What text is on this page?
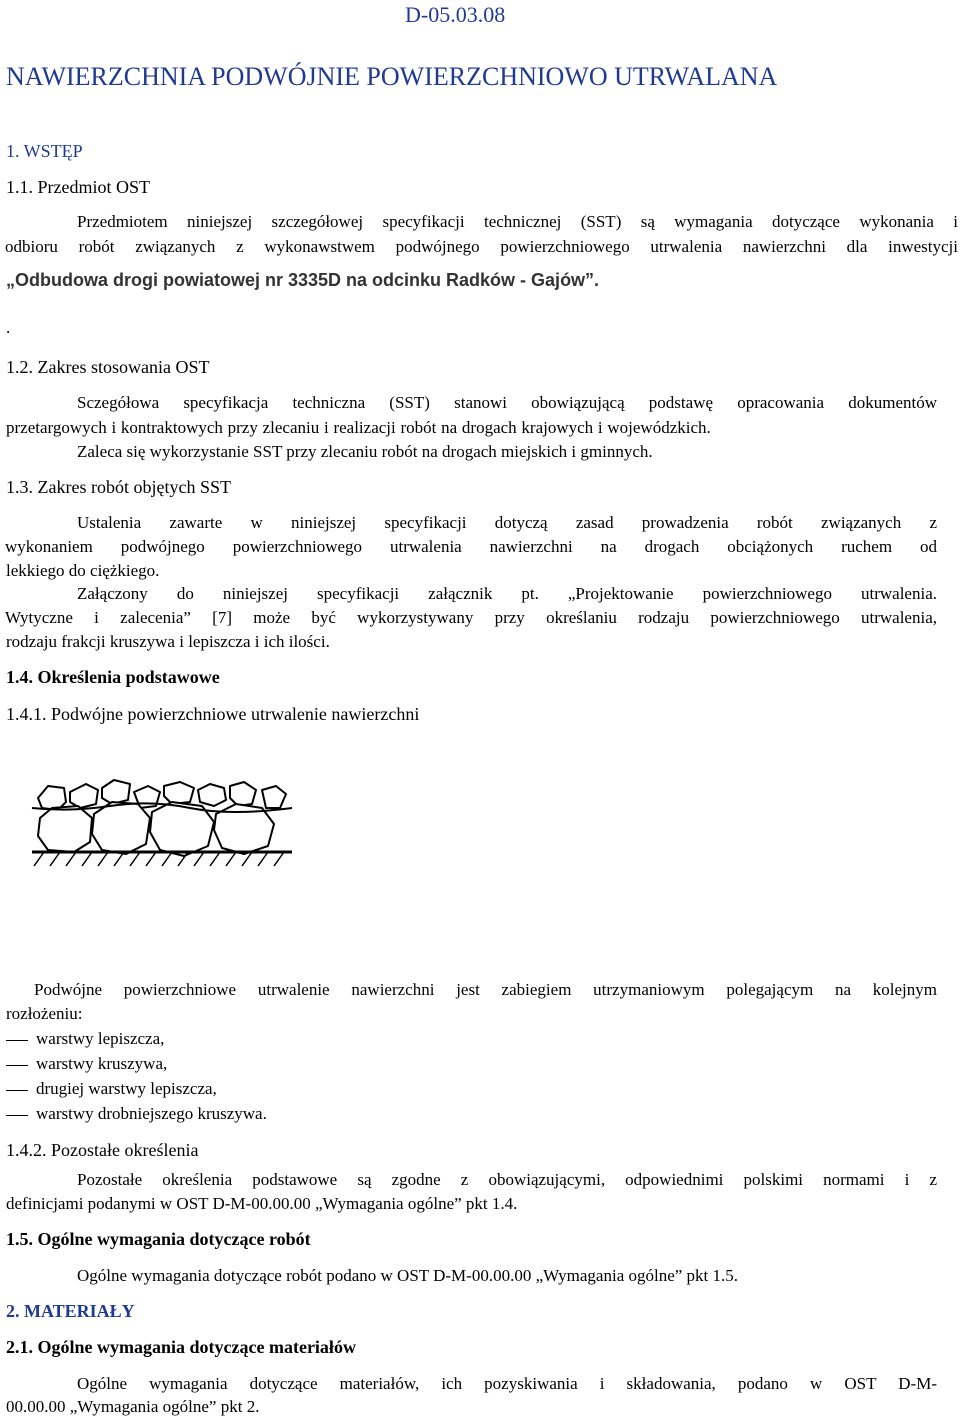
D-05.03.08
NAWIERZCHNIA PODWÓJNIE POWIERZCHNIOWO UTRWALANA
1. WSTĘP
1.1. Przedmiot OST
Przedmiotem niniejszej szczegółowej specyfikacji technicznej (SST) są wymagania dotyczące wykonania i
odbioru robót związanych z wykonawstwem podwójnego powierzchniowego utrwalenia nawierzchni dla inwestycji
„Odbudowa drogi powiatowej nr 3335D na odcinku Radków - Gajów”.
.
1.2. Zakres stosowania OST
Sczegółowa specyfikacja techniczna (SST) stanowi obowiązującą podstawę opracowania dokumentów
przetargowych i kontraktowych przy zlecaniu i realizacji robót na drogach krajowych i wojewódzkich.
Zaleca się wykorzystanie SST przy zlecaniu robót na drogach miejskich i gminnych.
1.3. Zakres robót objętych SST
Ustalenia zawarte w niniejszej specyfikacji dotyczą zasad prowadzenia robót związanych z
wykonaniem podwójnego powierzchniowego utrwalenia nawierzchni na drogach obciążonych ruchem od
lekkiego do ciężkiego.
Załączony do niniejszej specyfikacji załącznik pt. „Projektowanie powierzchniowego utrwalenia.
Wytyczne i zalecenia” [7] może być wykorzystywany przy określaniu rodzaju powierzchniowego utrwalenia,
rodzaju frakcji kruszywa i lepiszcza i ich ilości.
1.4. Określenia podstawowe
1.4.1. Podwójne powierzchniowe utrwalenie nawierzchni
Podwójne powierzchniowe utrwalenie nawierzchni jest zabiegiem utrzymaniowym polegającym na kolejnym
rozłożeniu:
warstwy lepiszcza,
warstwy kruszywa,
drugiej warstwy lepiszcza,
warstwy drobniejszego kruszywa.
1.4.2. Pozostałe określenia
Pozostałe określenia podstawowe są zgodne z obowiązującymi, odpowiednimi polskimi normami i z
definicjami podanymi w OST D-M-00.00.00 „Wymagania ogólne” pkt 1.4.
1.5. Ogólne wymagania dotyczące robót
Ogólne wymagania dotyczące robót podano w OST D-M-00.00.00 „Wymagania ogólne” pkt 1.5.
2. MATERIAŁY
2.1. Ogólne wymagania dotyczące materiałów
Ogólne wymagania dotyczące materiałów, ich pozyskiwania i składowania, podano w OST D-M-
00.00.00 „Wymagania ogólne” pkt 2.
